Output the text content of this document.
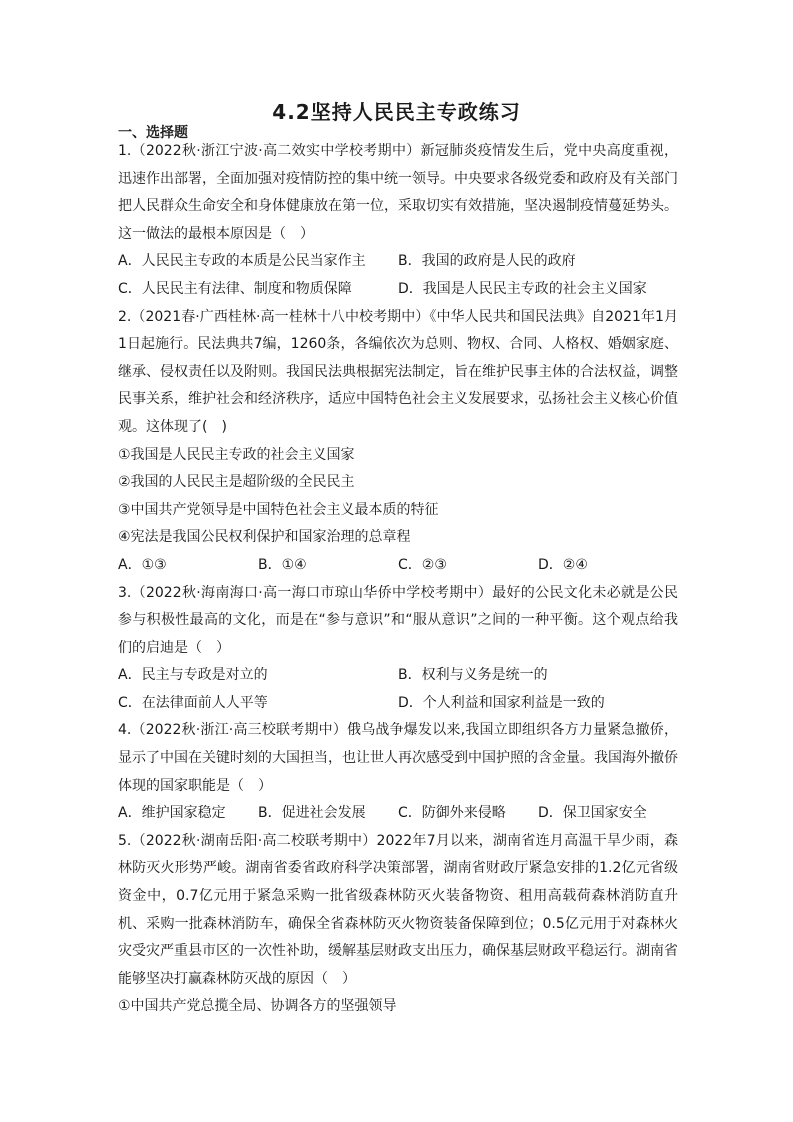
4.2坚持人民民主专政练习
一、选择题

1.（2022秋·浙江宁波·高二效实中学校考期中）新冠肺炎疫情发生后，党中央高度重视，迅速作出部署，全面加强对疫情防控的集中统一领导。中央要求各级党委和政府及有关部门把人民群众生命安全和身体健康放在第一位，采取切实有效措施，坚决遏制疫情蔓延势头。这一做法的最根本原因是（　）

A．人民民主专政的本质是公民当家作主	B．我国的政府是人民的政府
C．人民民主有法律、制度和物质保障	D．我国是人民民主专政的社会主义国家

2.（2021春·广西桂林·高一桂林十八中校考期中）《中华人民共和国民法典》自2021年1月1日起施行。民法典共7编，1260条，各编依次为总则、物权、合同、人格权、婚姻家庭、继承、侵权责任以及附则。我国民法典根据宪法制定，旨在维护民事主体的合法权益，调整民事关系，维护社会和经济秩序，适应中国特色社会主义发展要求，弘扬社会主义核心价值观。这体现了(　)

①我国是人民民主专政的社会主义国家

②我国的人民民主是超阶级的全民民主

③中国共产党领导是中国特色社会主义最本质的特征

④宪法是我国公民权利保护和国家治理的总章程

A．①③	B．①④	C．②③	D．②④

3.（2022秋·海南海口·高一海口市琼山华侨中学校考期中）最好的公民文化未必就是公民参与积极性最高的文化，而是在“参与意识”和“服从意识”之间的一种平衡。这个观点给我们的启迪是（　）

A．民主与专政是对立的	B．权利与义务是统一的
C．在法律面前人人平等	D．个人利益和国家利益是一致的

4.（2022秋·浙江·高三校联考期中）俄乌战争爆发以来,我国立即组织各方力量紧急撤侨，显示了中国在关键时刻的大国担当，也让世人再次感受到中国护照的含金量。我国海外撤侨体现的国家职能是（　）

A．维护国家稳定	B．促进社会发展	C．防御外来侵略	D．保卫国家安全

5.（2022秋·湖南岳阳·高二校联考期中）2022年7月以来，湖南省连月高温干旱少雨，森林防灭火形势严峻。湖南省委省政府科学决策部署，湖南省财政厅紧急安排的1.2亿元省级资金中，0.7亿元用于紧急采购一批省级森林防灭火装备物资、租用高载荷森林消防直升机、采购一批森林消防车，确保全省森林防灭火物资装备保障到位；0.5亿元用于对森林火灾受灾严重县市区的一次性补助，缓解基层财政支出压力，确保基层财政平稳运行。湖南省能够坚决打赢森林防灭战的原因（　）

①中国共产党总揽全局、协调各方的坚强领导
